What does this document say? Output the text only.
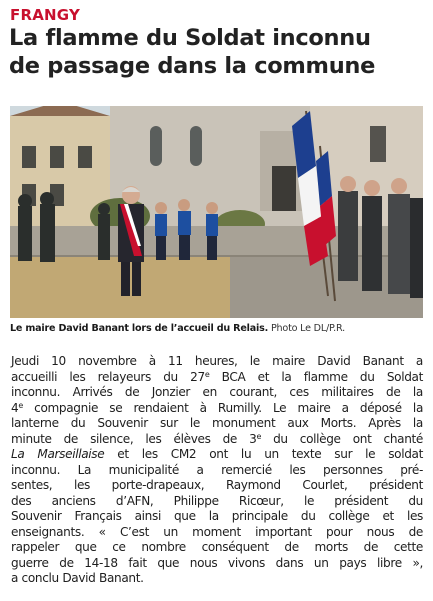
FRANGY
La flamme du Soldat inconnu
de passage dans la commune
Le maire David Banant lors de l’accueil du Relais. Photo Le DL/P.R.
Jeudi 10 novembre à 11 heures, le maire David Banant a
accueilli les relayeurs du 27e BCA et la flamme du Soldat
inconnu. Arrivés de Jonzier en courant, ces militaires de la
4e compagnie se rendaient à Rumilly. Le maire a déposé la
lanterne du Souvenir sur le monument aux Morts. Après la
minute de silence, les élèves de 3e du collège ont chanté
La Marseillaise et les CM2 ont lu un texte sur le soldat
inconnu. La municipalité a remercié les personnes pré-
sentes, les porte-drapeaux, Raymond Courlet, président
des anciens d’AFN, Philippe Ricœur, le président du
Souvenir Français ainsi que la principale du collège et les
enseignants. « C’est un moment important pour nous de
rappeler que ce nombre conséquent de morts de cette
guerre de 14-18 fait que nous vivons dans un pays libre »,
a conclu David Banant.
